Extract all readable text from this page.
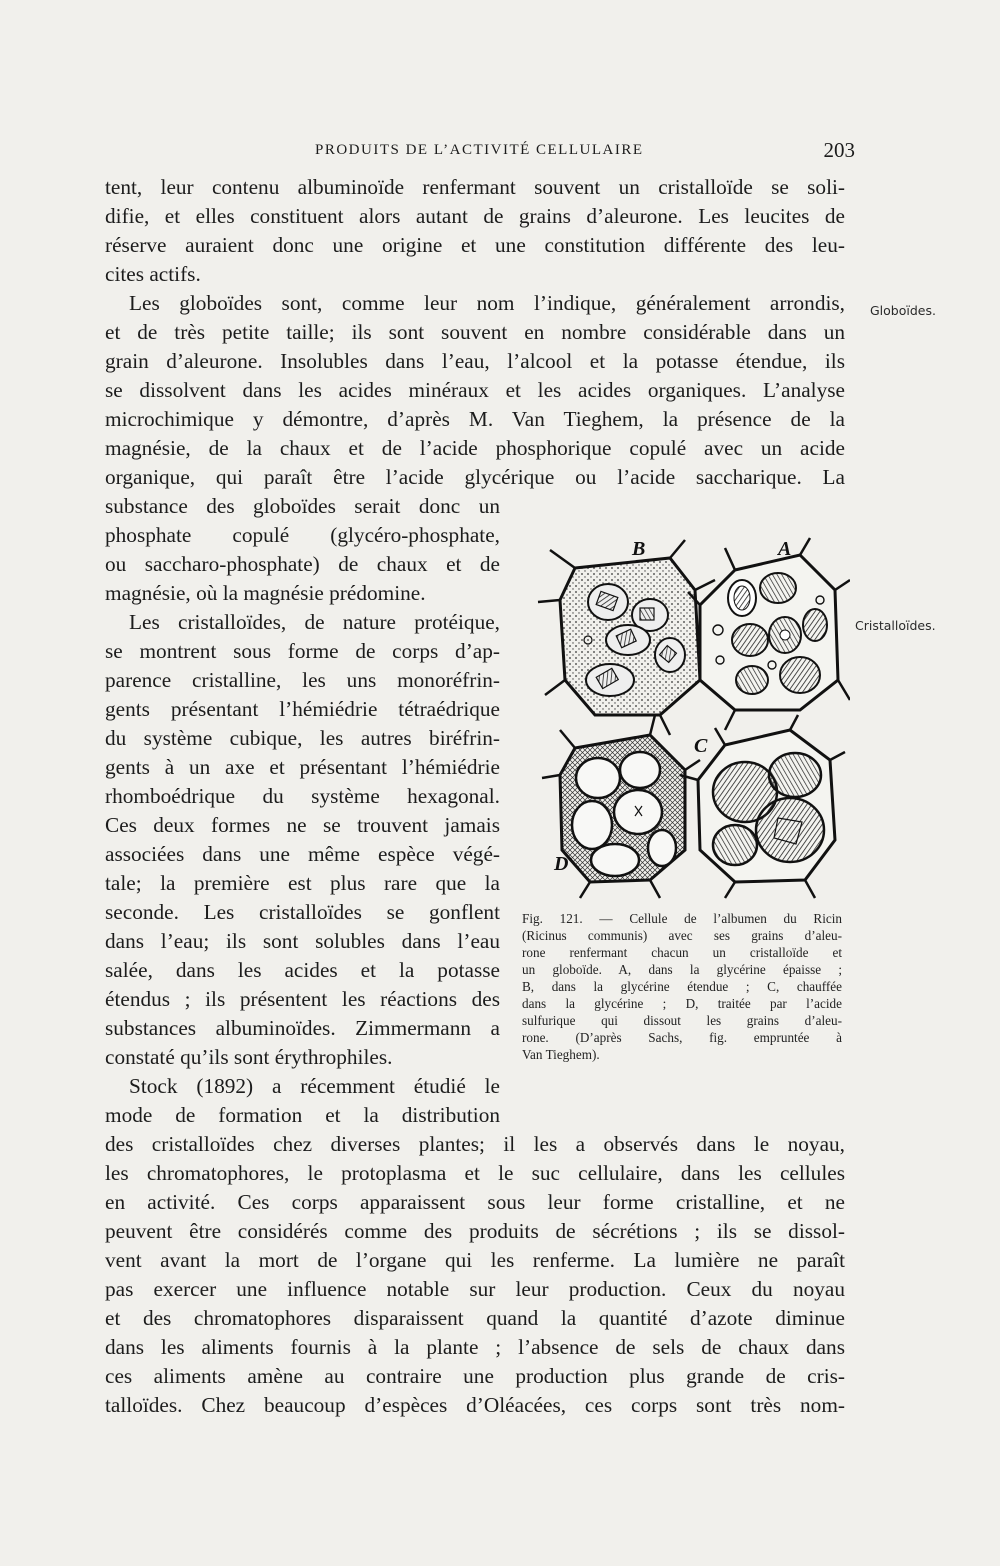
PRODUITS DE L’ACTIVITÉ CELLULAIRE	203
Globoïdes.
Cristalloïdes.
tent, leur contenu albuminoïde renfermant souvent un cristalloïde se soli-
difie, et elles constituent alors autant de grains d’aleurone. Les leucites de
réserve auraient donc une origine et une constitution différente des leu-
cites actifs.
Les globoïdes sont, comme leur nom l’indique, généralement arrondis,
et de très petite taille; ils sont souvent en nombre considérable dans un
grain d’aleurone. Insolubles dans l’eau, l’alcool et la potasse étendue, ils
se dissolvent dans les acides minéraux et les acides organiques. L’analyse
microchimique y démontre, d’après M. Van Tieghem, la présence de la
magnésie, de la chaux et de l’acide phosphorique copulé avec un acide
organique, qui paraît être l’acide glycérique ou l’acide saccharique. La
substance des globoïdes serait donc un
phosphate copulé (glycéro-phosphate,
ou saccharo-phosphate) de chaux et de
magnésie, où la magnésie prédomine.
Les cristalloïdes, de nature protéique,
se montrent sous forme de corps d’ap-
parence cristalline, les uns monoréfrin-
gents présentant l’hémiédrie tétraédrique
du système cubique, les autres biréfrin-
gents à un axe et présentant l’hémiédrie
rhomboédrique du système hexagonal.
Ces deux formes ne se trouvent jamais
associées dans une même espèce végé-
tale; la première est plus rare que la
seconde. Les cristalloïdes se gonflent
dans l’eau; ils sont solubles dans l’eau
salée, dans les acides et la potasse
étendus ; ils présentent les réactions des
substances albuminoïdes. Zimmermann a
constaté qu’ils sont érythrophiles.
Stock (1892) a récemment étudié le
mode de formation et la distribution
des cristalloïdes chez diverses plantes; il les a observés dans le noyau,
les chromatophores, le protoplasma et le suc cellulaire, dans les cellules
en activité. Ces corps apparaissent sous leur forme cristalline, et ne
peuvent être considérés comme des produits de sécrétions ; ils se dissol-
vent avant la mort de l’organe qui les renferme. La lumière ne paraît
pas exercer une influence notable sur leur production. Ceux du noyau
et des chromatophores disparaissent quand la quantité d’azote diminue
dans les aliments fournis à la plante ; l’absence de sels de chaux dans
ces aliments amène au contraire une production plus grande de cris-
talloïdes. Chez beaucoup d’espèces d’Oléacées, ces corps sont très nom-
B	A
C
D
Fig. 121. — Cellule de l’albumen du Ricin
(Ricinus communis) avec ses grains d’aleu-
rone renfermant chacun un cristalloïde et
un globoïde. A, dans la glycérine épaisse ;
B, dans la glycérine étendue ; C, chauffée
dans la glycérine ; D, traitée par l’acide
sulfurique qui dissout les grains d’aleu-
rone. (D’après Sachs, fig. empruntée à
Van Tieghem).
